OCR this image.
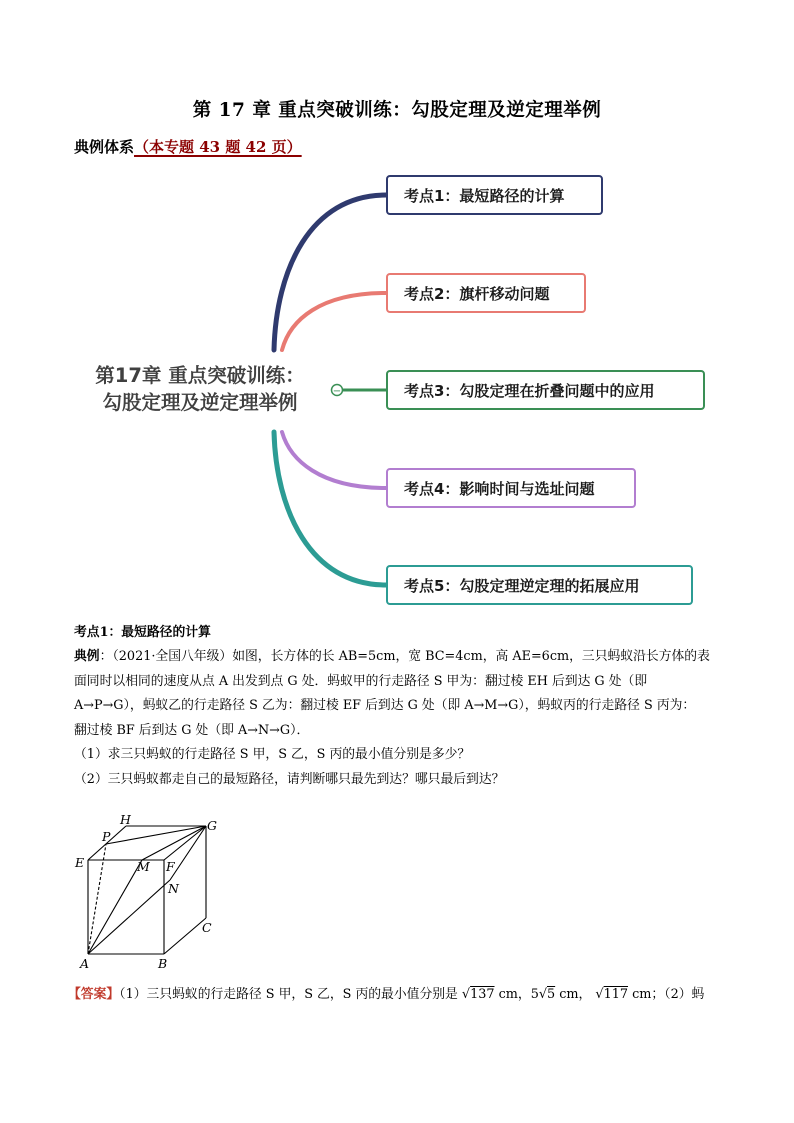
第 17 章 重点突破训练：勾股定理及逆定理举例
典例体系（本专题 43 题 42 页）
−
第17章 重点突破训练：
勾股定理及逆定理举例
考点1：最短路径的计算
考点2：旗杆移动问题
考点3：勾股定理在折叠问题中的应用
考点4：影响时间与选址问题
考点5：勾股定理逆定理的拓展应用
考点1：最短路径的计算
典例：（2021·全国八年级）如图，长方体的长 AB=5cm，宽 BC=4cm，高 AE=6cm，三只蚂蚁沿长方体的表
面同时以相同的速度从点 A 出发到点 G 处．蚂蚁甲的行走路径 S 甲为：翻过棱 EH 后到达 G 处（即
A→P→G），蚂蚁乙的行走路径 S 乙为：翻过棱 EF 后到达 G 处（即 A→M→G），蚂蚁丙的行走路径 S 丙为：
翻过棱 BF 后到达 G 处（即 A→N→G）．
（1）求三只蚂蚁的行走路径 S 甲，S 乙，S 丙的最小值分别是多少？
（2）三只蚂蚁都走自己的最短路径，请判断哪只最先到达？哪只最后到达？
H	G
P
E	M F
N
C
A	B
【答案】（1）三只蚂蚁的行走路径 S 甲，S 乙，S 丙的最小值分别是 √137 cm，5√5 cm， √117 cm；（2）蚂
